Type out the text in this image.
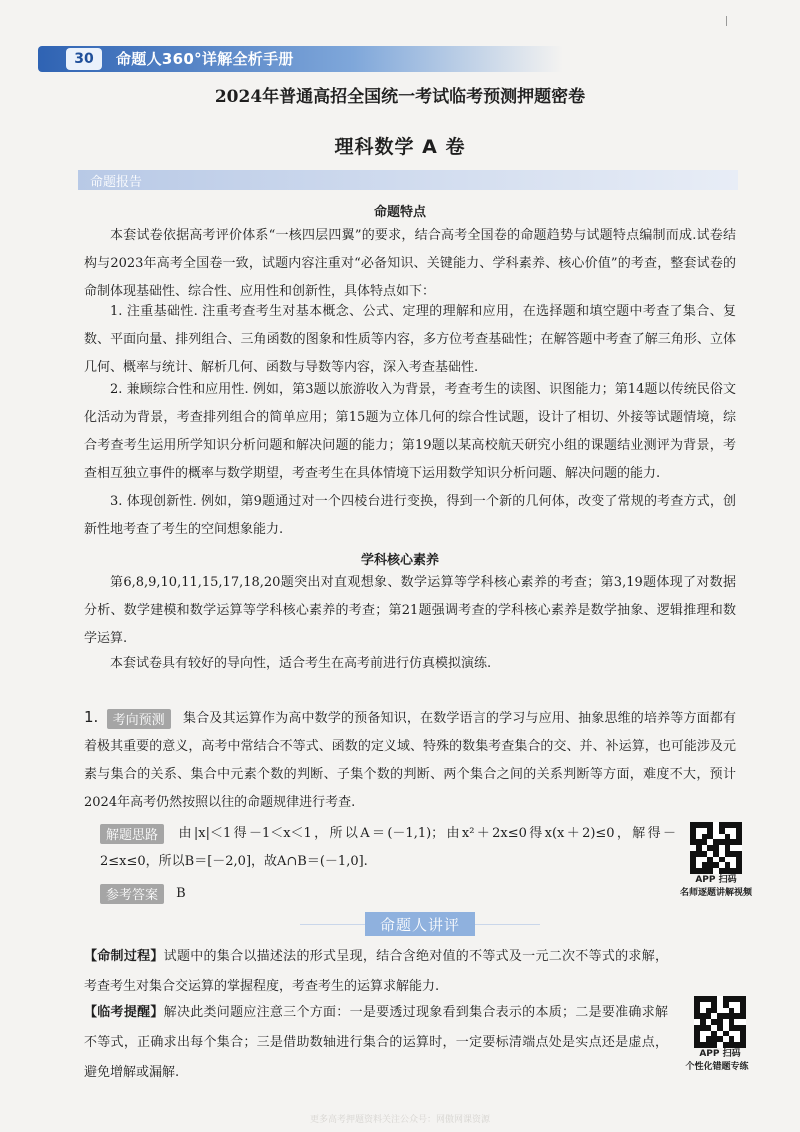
30	命题人360°详解全析手册
2024年普通高招全国统一考试临考预测押题密卷
理科数学 A 卷
命题报告
命题特点
本套试卷依据高考评价体系“一核四层四翼”的要求，结合高考全国卷的命题趋势与试题特点编制而成.试卷结构与2023年高考全国卷一致，试题内容注重对“必备知识、关键能力、学科素养、核心价值”的考查，整套试卷的命制体现基础性、综合性、应用性和创新性，具体特点如下：
1. 注重基础性. 注重考查考生对基本概念、公式、定理的理解和应用，在选择题和填空题中考查了集合、复数、平面向量、排列组合、三角函数的图象和性质等内容，多方位考查基础性；在解答题中考查了解三角形、立体几何、概率与统计、解析几何、函数与导数等内容，深入考查基础性.
2. 兼顾综合性和应用性. 例如，第3题以旅游收入为背景，考查考生的读图、识图能力；第14题以传统民俗文化活动为背景，考查排列组合的简单应用；第15题为立体几何的综合性试题，设计了相切、外接等试题情境，综合考查考生运用所学知识分析问题和解决问题的能力；第19题以某高校航天研究小组的课题结业测评为背景，考查相互独立事件的概率与数学期望，考查考生在具体情境下运用数学知识分析问题、解决问题的能力.
3. 体现创新性. 例如，第9题通过对一个四棱台进行变换，得到一个新的几何体，改变了常规的考查方式，创新性地考查了考生的空间想象能力.
学科核心素养
第6,8,9,10,11,15,17,18,20题突出对直观想象、数学运算等学科核心素养的考查；第3,19题体现了对数据分析、数学建模和数学运算等学科核心素养的考查；第21题强调考查的学科核心素养是数学抽象、逻辑推理和数学运算.
本套试卷具有较好的导向性，适合考生在高考前进行仿真模拟演练.
1. 考向预测 集合及其运算作为高中数学的预备知识，在数学语言的学习与应用、抽象思维的培养等方面都有着极其重要的意义，高考中常结合不等式、函数的定义域、特殊的数集考查集合的交、并、补运算，也可能涉及元素与集合的关系、集合中元素个数的判断、子集个数的判断、两个集合之间的关系判断等方面，难度不大，预计2024年高考仍然按照以往的命题规律进行考查.
解题思路 由|x|＜1得－1＜x＜1，所以A＝(－1,1)；由x²＋2x≤0得x(x＋2)≤0，解得－2≤x≤0，所以B＝[－2,0]，故A∩B＝(－1,0].
参考答案 B
APP 扫码
名师逐题讲解视频
命题人讲评
【命制过程】试题中的集合以描述法的形式呈现，结合含绝对值的不等式及一元二次不等式的求解，考查考生对集合交运算的掌握程度，考查考生的运算求解能力.
【临考提醒】解决此类问题应注意三个方面：一是要透过现象看到集合表示的本质；二是要准确求解不等式，正确求出每个集合；三是借助数轴进行集合的运算时，一定要标清端点处是实点还是虚点，避免增解或漏解.
APP 扫码
个性化错题专练
更多高考押题资料关注公众号：网傲网课资源
